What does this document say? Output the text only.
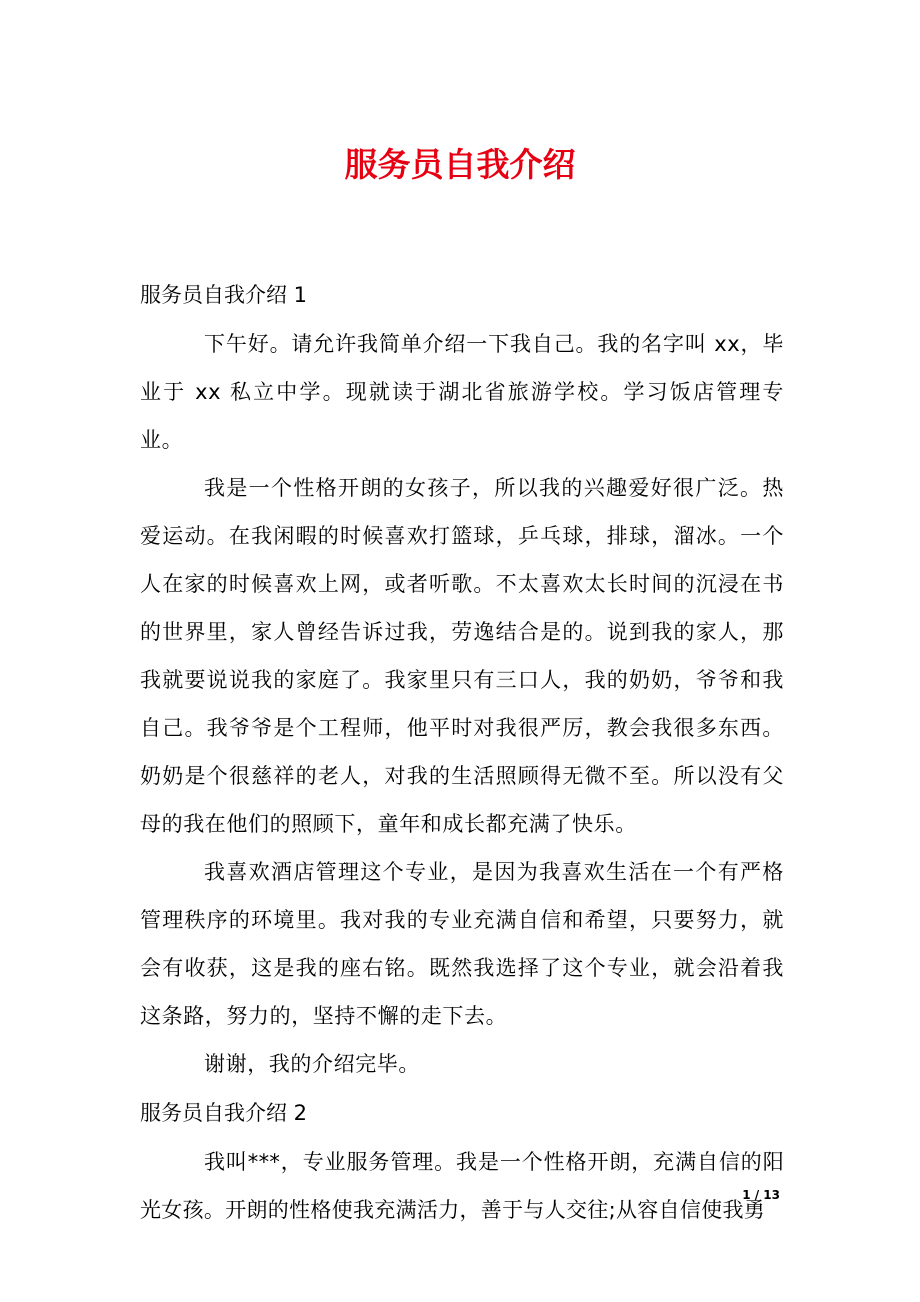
服务员自我介绍

服务员自我介绍 1

下午好。请允许我简单介绍一下我自己。我的名字叫 xx，毕业于 xx 私立中学。现就读于湖北省旅游学校。学习饭店管理专业。

我是一个性格开朗的女孩子，所以我的兴趣爱好很广泛。热爱运动。在我闲暇的时候喜欢打篮球，乒乓球，排球，溜冰。一个人在家的时候喜欢上网，或者听歌。不太喜欢太长时间的沉浸在书的世界里，家人曾经告诉过我，劳逸结合是的。说到我的家人，那我就要说说我的家庭了。我家里只有三口人，我的奶奶，爷爷和我自己。我爷爷是个工程师，他平时对我很严厉，教会我很多东西。奶奶是个很慈祥的老人，对我的生活照顾得无微不至。所以没有父母的我在他们的照顾下，童年和成长都充满了快乐。

我喜欢酒店管理这个专业，是因为我喜欢生活在一个有严格管理秩序的环境里。我对我的专业充满自信和希望，只要努力，就会有收获，这是我的座右铭。既然我选择了这个专业，就会沿着我这条路，努力的，坚持不懈的走下去。

谢谢，我的介绍完毕。

服务员自我介绍 2

我叫***，专业服务管理。我是一个性格开朗，充满自信的阳光女孩。开朗的性格使我充满活力，善于与人交往;从容自信使我勇

1 / 13
